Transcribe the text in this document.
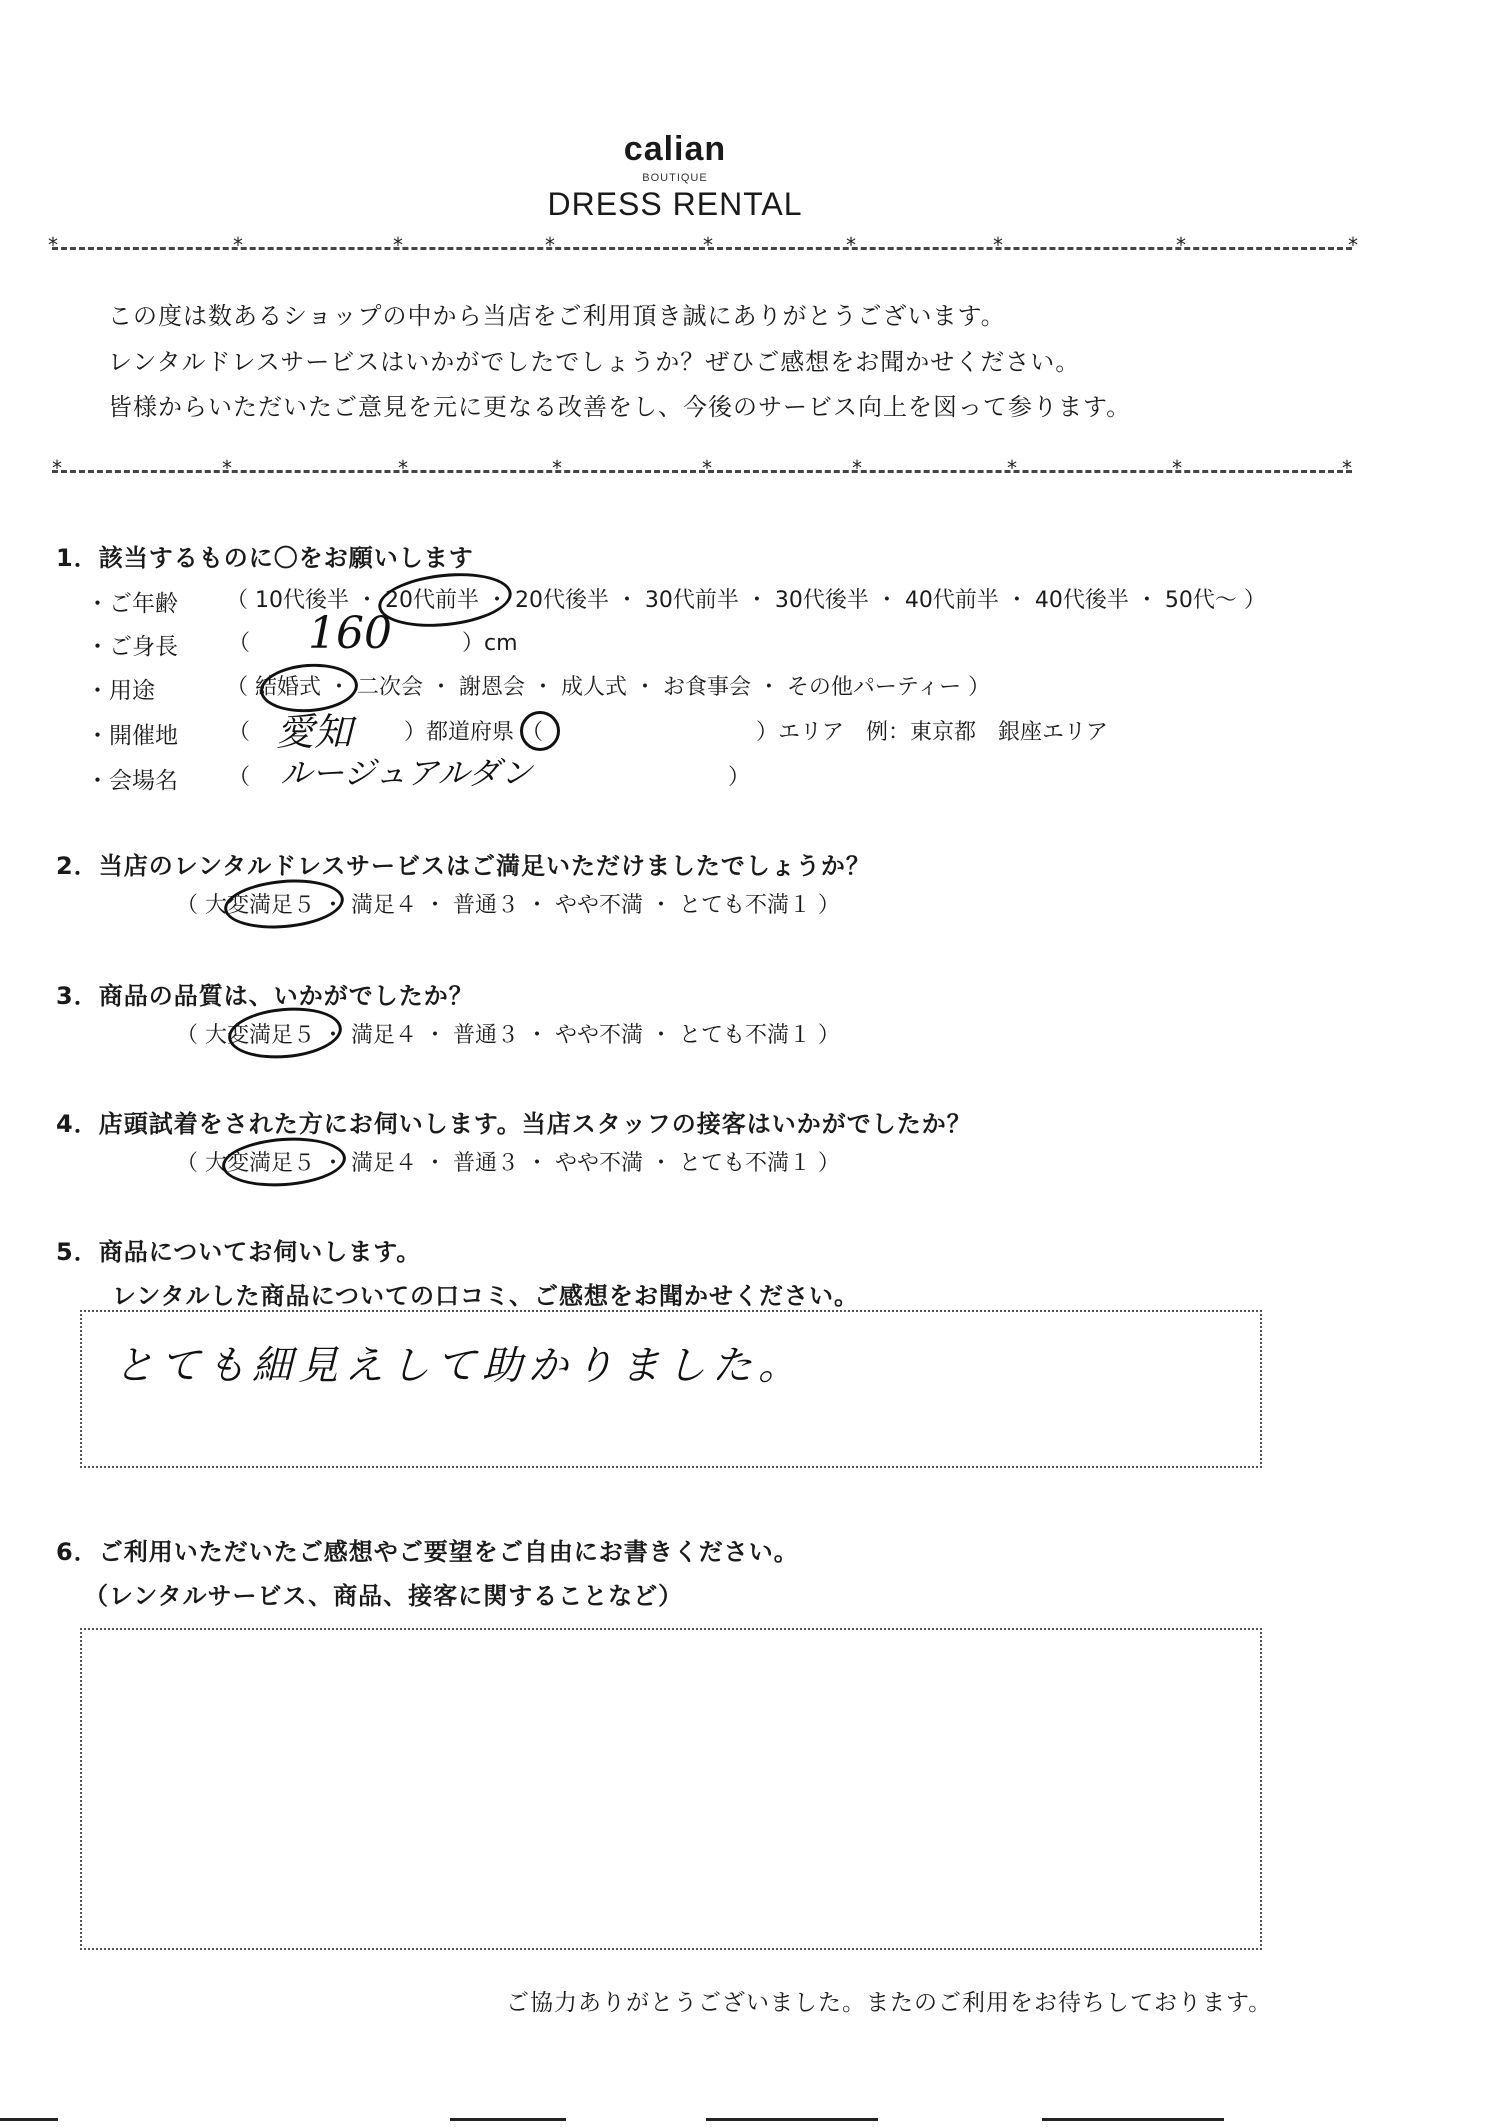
calian
BOUTIQUE
DRESS RENTAL
*	*	*	*	*	*	*	*	*
この度は数あるショップの中から当店をご利用頂き誠にありがとうございます。
レンタルドレスサービスはいかがでしたでしょうか？ぜひご感想をお聞かせください。
皆様からいただいたご意見を元に更なる改善をし、今後のサービス向上を図って参ります。
*	*	*	*	*	*	*	*	*
1．該当するものに〇をお願いします
・ご年齢 （ 10代後半 ・ 20代前半 ・ 20代後半 ・ 30代前半 ・ 30代後半 ・ 40代前半 ・ 40代後半 ・ 50代〜 ）
・ご身長 （ 160	）cm
・用途	（ 結婚式 ・ 二次会 ・ 謝恩会 ・ 成人式 ・ お食事会 ・ その他パーティー ）
・開催地 （ 愛知 ）都道府県 （	）エリア　例：東京都　銀座エリア
・会場名 （ ルージュアルダン	）
2．当店のレンタルドレスサービスはご満足いただけましたでしょうか？
（ 大変満足５ ・ 満足４ ・ 普通３ ・ やや不満 ・ とても不満１ ）
3．商品の品質は、いかがでしたか？
（ 大変満足５ ・ 満足４ ・ 普通３ ・ やや不満 ・ とても不満１ ）
4．店頭試着をされた方にお伺いします。当店スタッフの接客はいかがでしたか？
（ 大変満足５ ・ 満足４ ・ 普通３ ・ やや不満 ・ とても不満１ ）
5．商品についてお伺いします。
レンタルした商品についての口コミ、ご感想をお聞かせください。
とても細見えして助かりました。
6．ご利用いただいたご感想やご要望をご自由にお書きください。
（レンタルサービス、商品、接客に関することなど）
ご協力ありがとうございました。またのご利用をお待ちしております。
